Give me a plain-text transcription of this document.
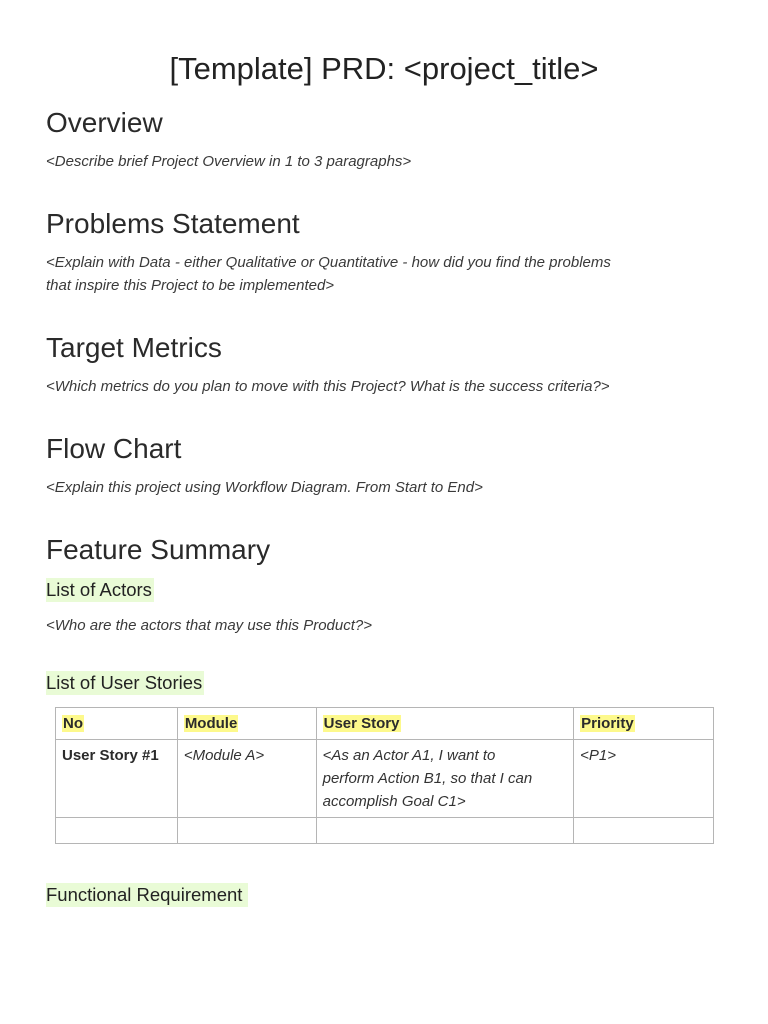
[Template] PRD: <project_title>
Overview

<Describe brief Project Overview in 1 to 3 paragraphs>

Problems Statement

<Explain with Data - either Qualitative or Quantitative - how did you find the problems

that inspire this Project to be implemented>

Target Metrics

<Which metrics do you plan to move with this Project? What is the success criteria?>

Flow Chart

<Explain this project using Workflow Diagram. From Start to End>

Feature Summary
List of Actors

<Who are the actors that may use this Product?>

List of User Stories
No	Module	User Story	Priority
User Story #1	<Module A>	<As an Actor A1, I want to
perform Action B1, so that I can
accomplish Goal C1>	<P1>

Functional Requirement
